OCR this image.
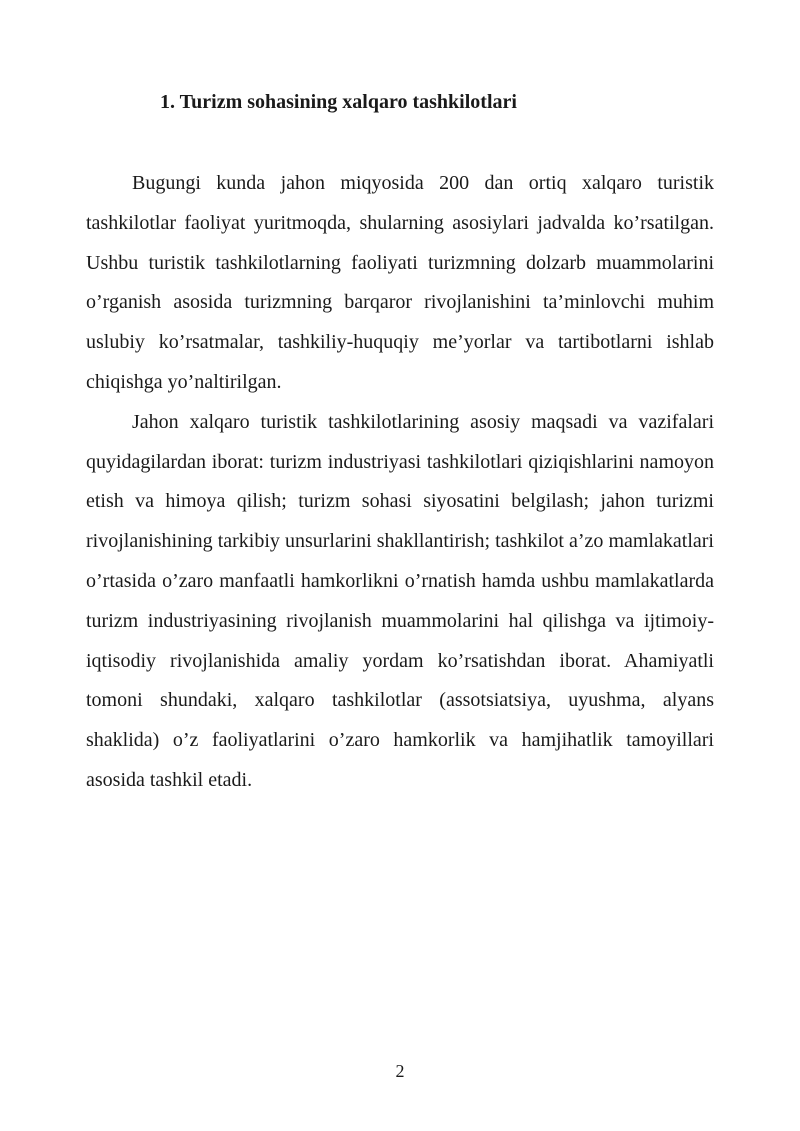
1. Turizm sohasining xalqaro tashkilotlari

Bugungi kunda jahon miqyosida 200 dan ortiq xalqaro turistik tashkilotlar faoliyat yuritmoqda, shularning asosiylari jadvalda ko’rsatilgan. Ushbu turistik tashkilotlarning faoliyati turizmning dolzarb muammolarini o’rganish asosida turizmning barqaror rivojlanishini ta’minlovchi muhim uslubiy ko’rsatmalar, tashkiliy-huquqiy me’yorlar va tartibotlarni ishlab chiqishga yo’naltirilgan.

Jahon xalqaro turistik tashkilotlarining asosiy maqsadi va vazifalari quyidagilardan iborat: turizm industriyasi tashkilotlari qiziqishlarini namoyon etish va himoya qilish; turizm sohasi siyosatini belgilash; jahon turizmi rivojlanishining tarkibiy unsurlarini shakllantirish; tashkilot a’zo mamlakatlari o’rtasida o’zaro manfaatli hamkorlikni o’rnatish hamda ushbu mamlakatlarda turizm industriyasining rivojlanish muammolarini hal qilishga va ijtimoiy-iqtisodiy rivojlanishida amaliy yordam ko’rsatishdan iborat. Ahamiyatli tomoni shundaki, xalqaro tashkilotlar (assotsiatsiya, uyushma, alyans shaklida) o’z faoliyatlarini o’zaro hamkorlik va hamjihatlik tamoyillari asosida tashkil etadi.

2
